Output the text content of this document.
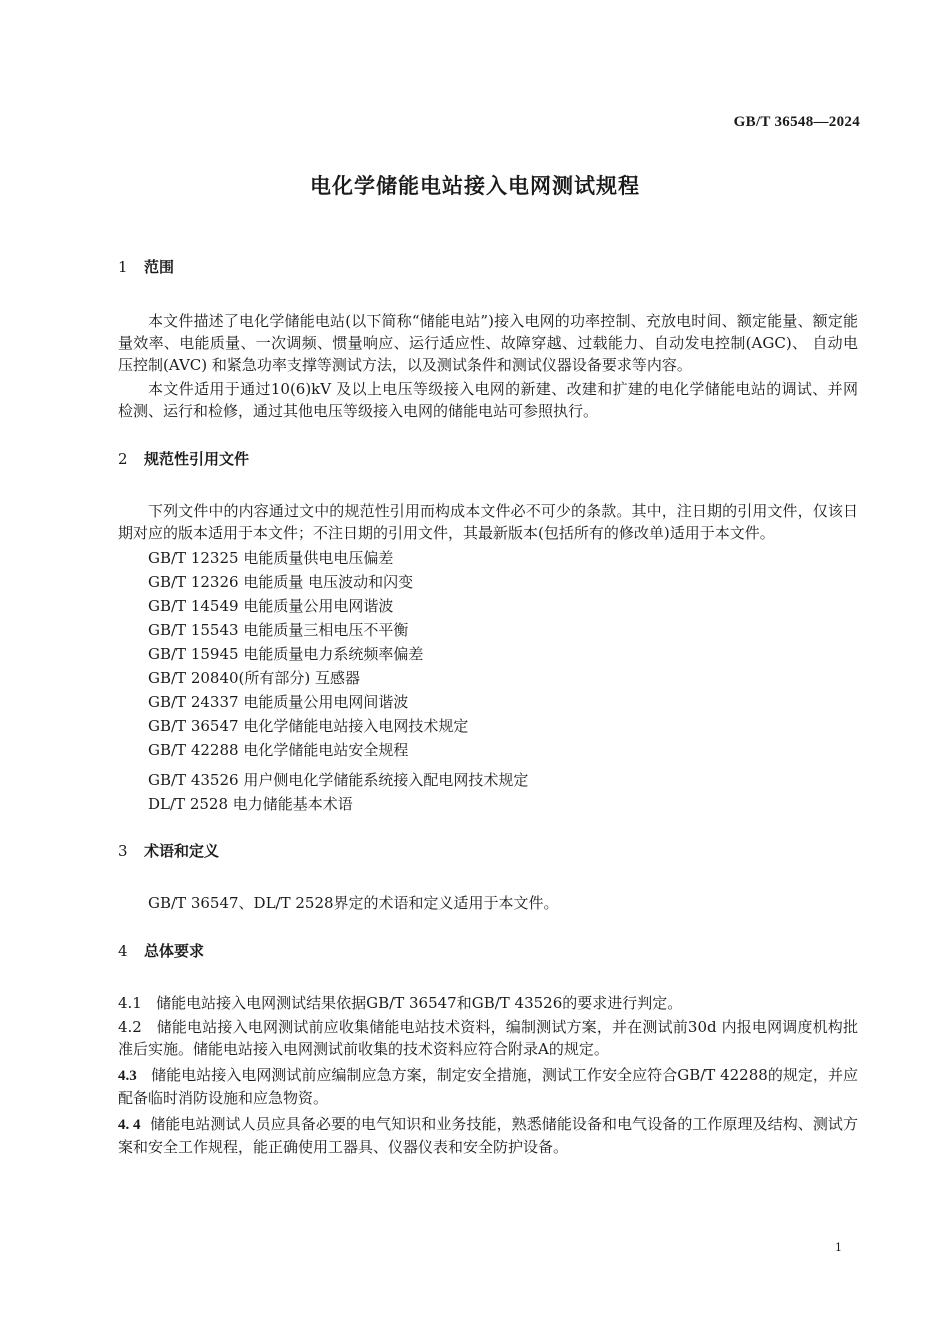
GB/T 36548—2024
电化学储能电站接入电网测试规程
1 范围

本文件描述了电化学储能电站(以下简称“储能电站”)接入电网的功率控制、充放电时间、额定能量、额定能量效率、电能质量、一次调频、惯量响应、运行适应性、故障穿越、过载能力、自动发电控制(AGC)、 自动电压控制(AVC) 和紧急功率支撑等测试方法，以及测试条件和测试仪器设备要求等内容。

本文件适用于通过10(6)kV 及以上电压等级接入电网的新建、改建和扩建的电化学储能电站的调试、并网检测、运行和检修，通过其他电压等级接入电网的储能电站可参照执行。

2 规范性引用文件

下列文件中的内容通过文中的规范性引用而构成本文件必不可少的条款。其中，注日期的引用文件，仅该日期对应的版本适用于本文件；不注日期的引用文件，其最新版本(包括所有的修改单)适用于本文件。

GB/T 12325 电能质量供电电压偏差
GB/T 12326 电能质量 电压波动和闪变
GB/T 14549 电能质量公用电网谐波
GB/T 15543 电能质量三相电压不平衡
GB/T 15945 电能质量电力系统频率偏差
GB/T 20840(所有部分) 互感器
GB/T 24337 电能质量公用电网间谐波
GB/T 36547 电化学储能电站接入电网技术规定
GB/T 42288 电化学储能电站安全规程
GB/T 43526 用户侧电化学储能系统接入配电网技术规定
DL/T 2528 电力储能基本术语
3 术语和定义

GB/T 36547、DL/T 2528界定的术语和定义适用于本文件。

4 总体要求

4.1 储能电站接入电网测试结果依据GB/T 36547和GB/T 43526的要求进行判定。

4.2 储能电站接入电网测试前应收集储能电站技术资料，编制测试方案，并在测试前30d 内报电网调度机构批准后实施。储能电站接入电网测试前收集的技术资料应符合附录A的规定。

4.3 储能电站接入电网测试前应编制应急方案，制定安全措施，测试工作安全应符合GB/T 42288的规定，并应配备临时消防设施和应急物资。

4. 4 储能电站测试人员应具备必要的电气知识和业务技能，熟悉储能设备和电气设备的工作原理及结构、测试方案和安全工作规程，能正确使用工器具、仪器仪表和安全防护设备。

1
